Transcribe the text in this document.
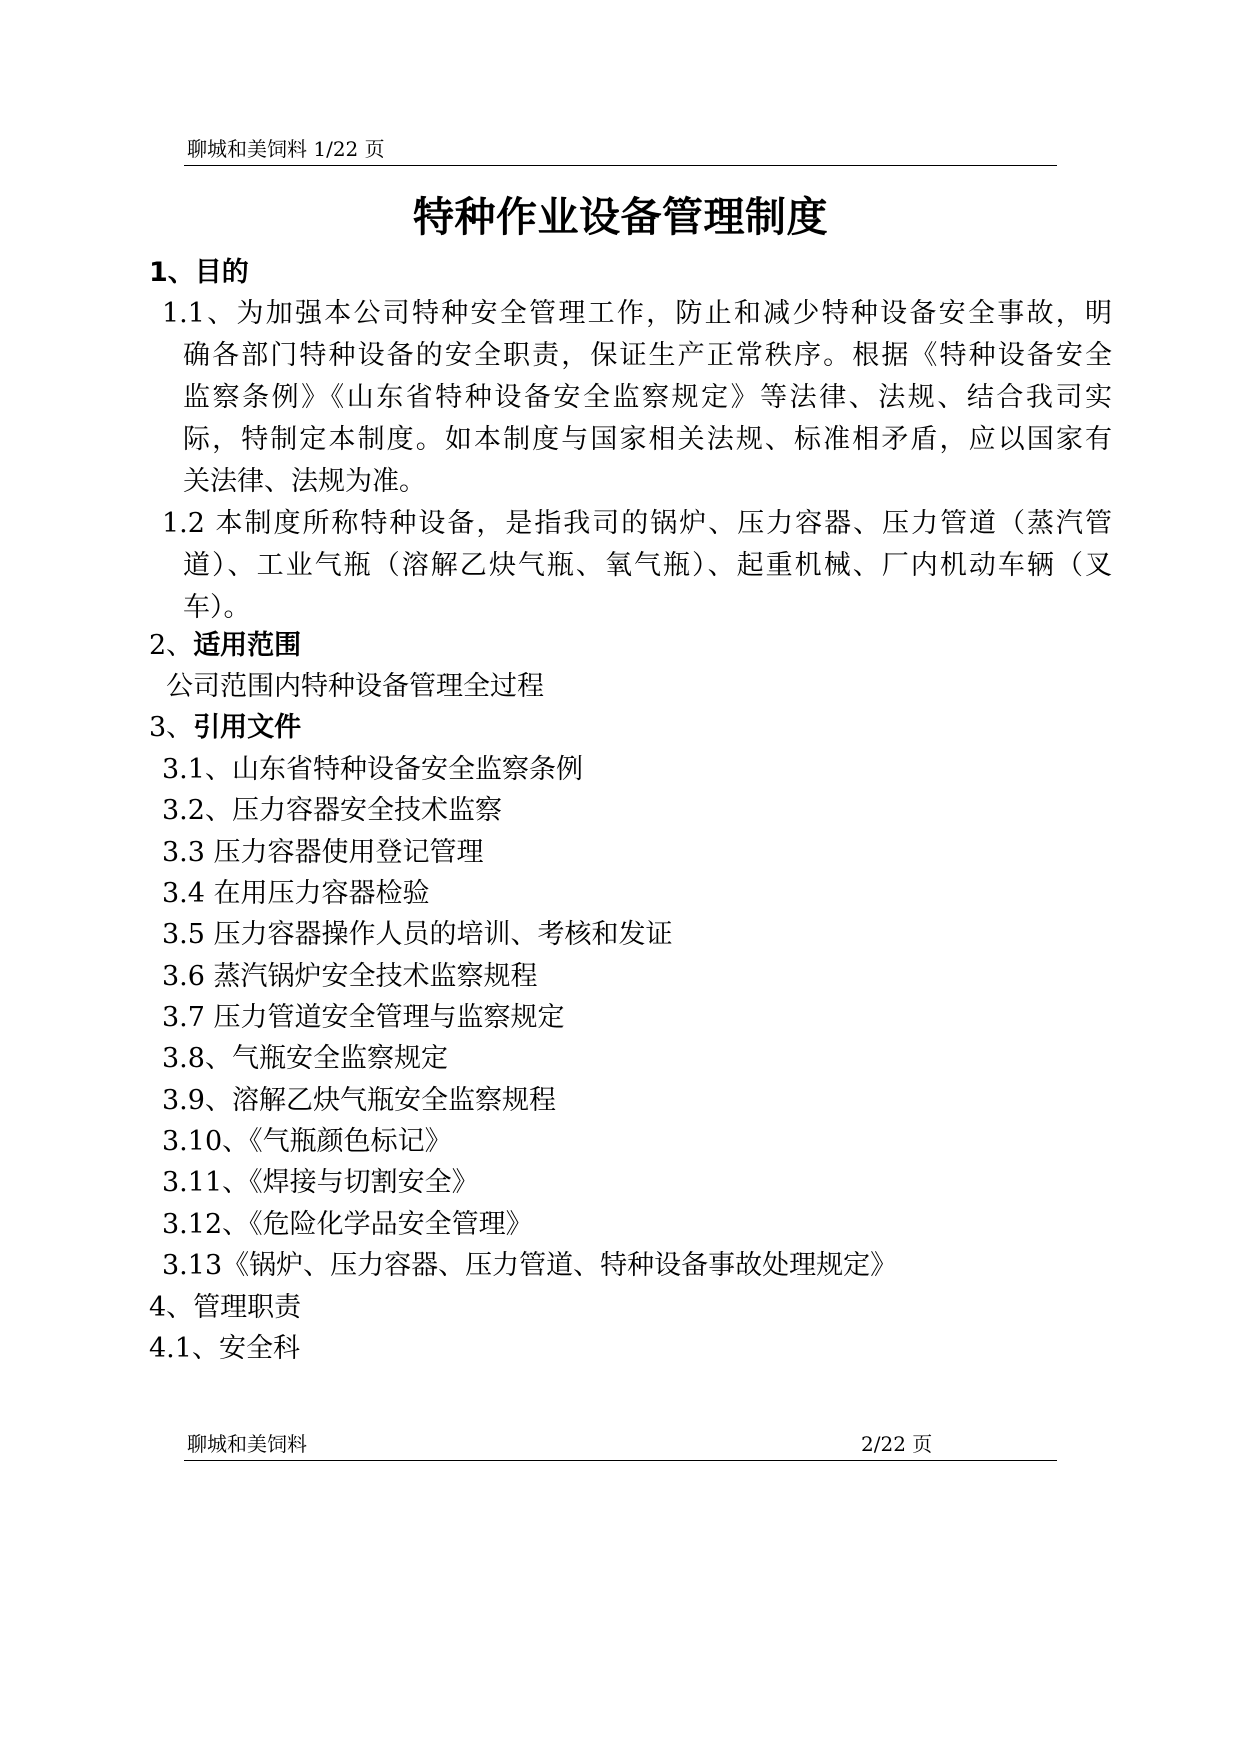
聊城和美饲料 1/22 页
特种作业设备管理制度
1、目的
1.1、为加强本公司特种安全管理工作，防止和减少特种设备安全事故，明
确各部门特种设备的安全职责，保证生产正常秩序。根据《特种设备安全
监察条例》《山东省特种设备安全监察规定》等法律、法规、结合我司实
际，特制定本制度。如本制度与国家相关法规、标准相矛盾，应以国家有
关法律、法规为准。
1.2 本制度所称特种设备，是指我司的锅炉、压力容器、压力管道（蒸汽管
道）、工业气瓶（溶解乙炔气瓶、氧气瓶）、起重机械、厂内机动车辆（叉
车）。
2、适用范围
公司范围内特种设备管理全过程
3、引用文件
3.1、山东省特种设备安全监察条例
3.2、压力容器安全技术监察
3.3 压力容器使用登记管理
3.4 在用压力容器检验
3.5 压力容器操作人员的培训、考核和发证
3.6 蒸汽锅炉安全技术监察规程
3.7 压力管道安全管理与监察规定
3.8、气瓶安全监察规定
3.9、溶解乙炔气瓶安全监察规程
3.10、《气瓶颜色标记》
3.11、《焊接与切割安全》
3.12、《危险化学品安全管理》
3.13《锅炉、压力容器、压力管道、特种设备事故处理规定》
4、管理职责
4.1、安全科
聊城和美饲料	2/22 页
